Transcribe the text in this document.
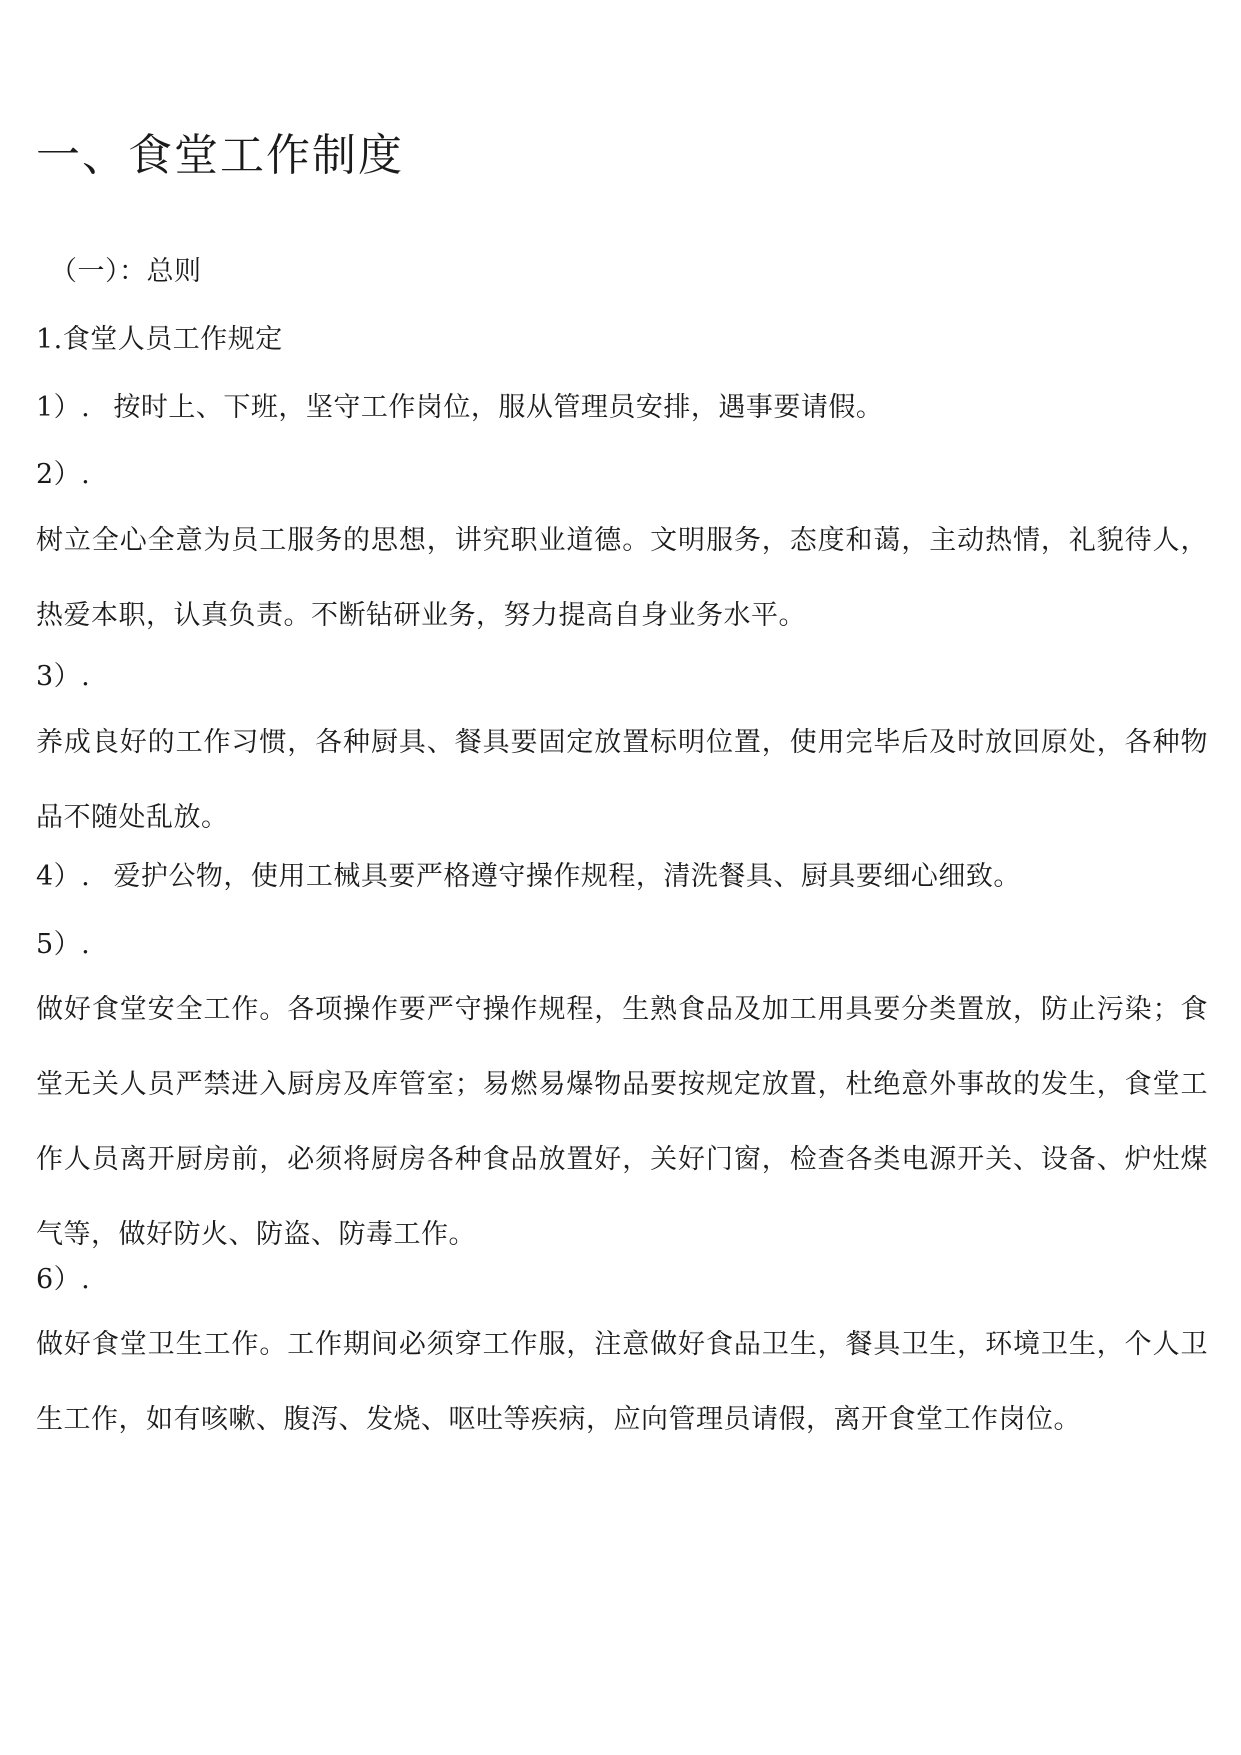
一、食堂工作制度
（一）：总则
1.食堂人员工作规定
1）. 按时上、下班，坚守工作岗位，服从管理员安排，遇事要请假。
2）.

树立全心全意为员工服务的思想，讲究职业道德。文明服务，态度和蔼，主动热情，礼貌待人，热爱本职，认真负责。不断钻研业务，努力提高自身业务水平。

3）.

养成良好的工作习惯，各种厨具、餐具要固定放置标明位置，使用完毕后及时放回原处，各种物品不随处乱放。

4）. 爱护公物，使用工械具要严格遵守操作规程，清洗餐具、厨具要细心细致。
5）.

做好食堂安全工作。各项操作要严守操作规程，生熟食品及加工用具要分类置放，防止污染；食堂无关人员严禁进入厨房及库管室；易燃易爆物品要按规定放置，杜绝意外事故的发生，食堂工作人员离开厨房前，必须将厨房各种食品放置好，关好门窗，检查各类电源开关、设备、炉灶煤气等，做好防火、防盗、防毒工作。

6）.

做好食堂卫生工作。工作期间必须穿工作服，注意做好食品卫生，餐具卫生，环境卫生，个人卫生工作，如有咳嗽、腹泻、发烧、呕吐等疾病，应向管理员请假，离开食堂工作岗位。
